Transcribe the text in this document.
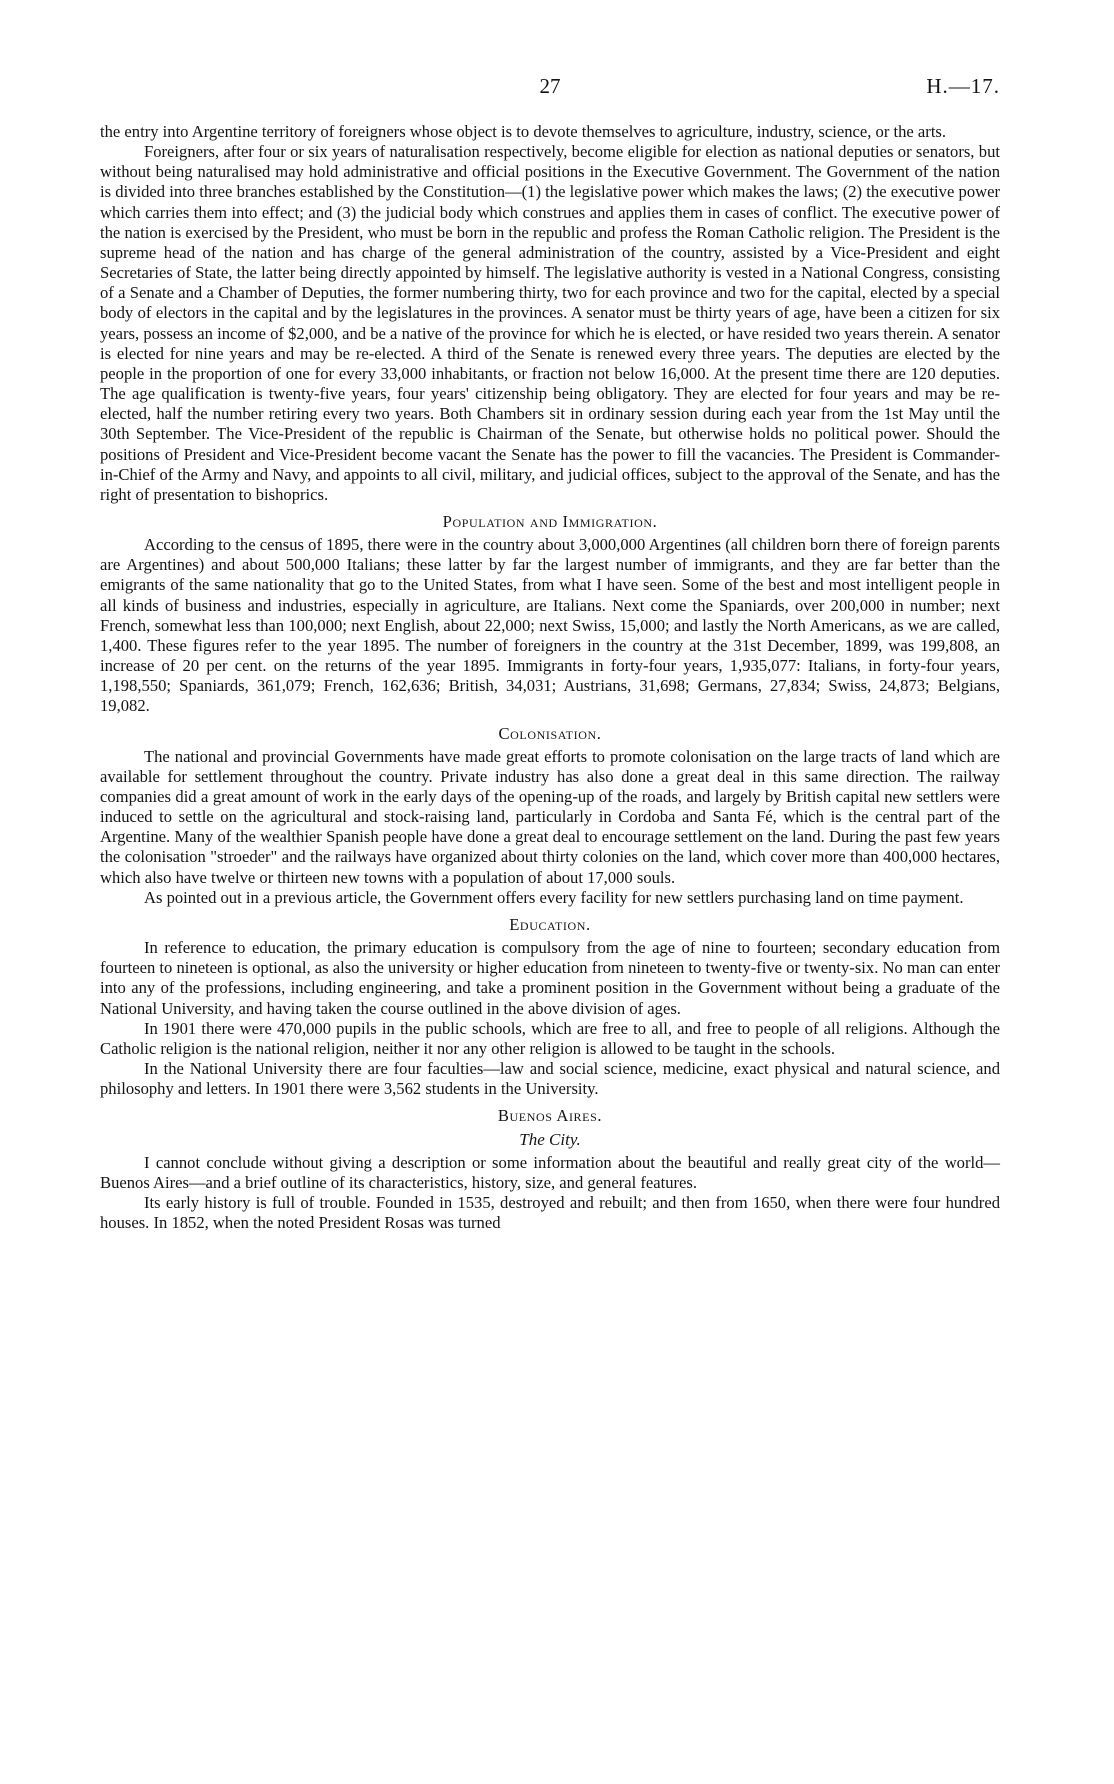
27	H.—17.

the entry into Argentine territory of foreigners whose object is to devote themselves to agriculture, industry, science, or the arts.

Foreigners, after four or six years of naturalisation respectively, become eligible for election as national deputies or senators, but without being naturalised may hold administrative and official positions in the Executive Government. The Government of the nation is divided into three branches established by the Constitution—(1) the legislative power which makes the laws; (2) the executive power which carries them into effect; and (3) the judicial body which construes and applies them in cases of conflict. The executive power of the nation is exercised by the President, who must be born in the republic and profess the Roman Catholic religion. The President is the supreme head of the nation and has charge of the general administration of the country, assisted by a Vice-President and eight Secretaries of State, the latter being directly appointed by himself. The legislative authority is vested in a National Congress, consisting of a Senate and a Chamber of Deputies, the former numbering thirty, two for each province and two for the capital, elected by a special body of electors in the capital and by the legislatures in the provinces. A senator must be thirty years of age, have been a citizen for six years, possess an income of $2,000, and be a native of the province for which he is elected, or have resided two years therein. A senator is elected for nine years and may be re-elected. A third of the Senate is renewed every three years. The deputies are elected by the people in the proportion of one for every 33,000 inhabitants, or fraction not below 16,000. At the present time there are 120 deputies. The age qualification is twenty-five years, four years' citizenship being obligatory. They are elected for four years and may be re-elected, half the number retiring every two years. Both Chambers sit in ordinary session during each year from the 1st May until the 30th September. The Vice-President of the republic is Chairman of the Senate, but otherwise holds no political power. Should the positions of President and Vice-President become vacant the Senate has the power to fill the vacancies. The President is Commander-in-Chief of the Army and Navy, and appoints to all civil, military, and judicial offices, subject to the approval of the Senate, and has the right of presentation to bishoprics.

Population and Immigration.

According to the census of 1895, there were in the country about 3,000,000 Argentines (all children born there of foreign parents are Argentines) and about 500,000 Italians; these latter by far the largest number of immigrants, and they are far better than the emigrants of the same nationality that go to the United States, from what I have seen. Some of the best and most intelligent people in all kinds of business and industries, especially in agriculture, are Italians. Next come the Spaniards, over 200,000 in number; next French, somewhat less than 100,000; next English, about 22,000; next Swiss, 15,000; and lastly the North Americans, as we are called, 1,400. These figures refer to the year 1895. The number of foreigners in the country at the 31st December, 1899, was 199,808, an increase of 20 per cent. on the returns of the year 1895. Immigrants in forty-four years, 1,935,077: Italians, in forty-four years, 1,198,550; Spaniards, 361,079; French, 162,636; British, 34,031; Austrians, 31,698; Germans, 27,834; Swiss, 24,873; Belgians, 19,082.

Colonisation.

The national and provincial Governments have made great efforts to promote colonisation on the large tracts of land which are available for settlement throughout the country. Private industry has also done a great deal in this same direction. The railway companies did a great amount of work in the early days of the opening-up of the roads, and largely by British capital new settlers were induced to settle on the agricultural and stock-raising land, particularly in Cordoba and Santa Fé, which is the central part of the Argentine. Many of the wealthier Spanish people have done a great deal to encourage settlement on the land. During the past few years the colonisation "stroeder" and the railways have organized about thirty colonies on the land, which cover more than 400,000 hectares, which also have twelve or thirteen new towns with a population of about 17,000 souls.

As pointed out in a previous article, the Government offers every facility for new settlers purchasing land on time payment.

Education.

In reference to education, the primary education is compulsory from the age of nine to fourteen; secondary education from fourteen to nineteen is optional, as also the university or higher education from nineteen to twenty-five or twenty-six. No man can enter into any of the professions, including engineering, and take a prominent position in the Government without being a graduate of the National University, and having taken the course outlined in the above division of ages.

In 1901 there were 470,000 pupils in the public schools, which are free to all, and free to people of all religions. Although the Catholic religion is the national religion, neither it nor any other religion is allowed to be taught in the schools.

In the National University there are four faculties—law and social science, medicine, exact physical and natural science, and philosophy and letters. In 1901 there were 3,562 students in the University.

Buenos Aires.
The City.

I cannot conclude without giving a description or some information about the beautiful and really great city of the world—Buenos Aires—and a brief outline of its characteristics, history, size, and general features.

Its early history is full of trouble. Founded in 1535, destroyed and rebuilt; and then from 1650, when there were four hundred houses. In 1852, when the noted President Rosas was turned
